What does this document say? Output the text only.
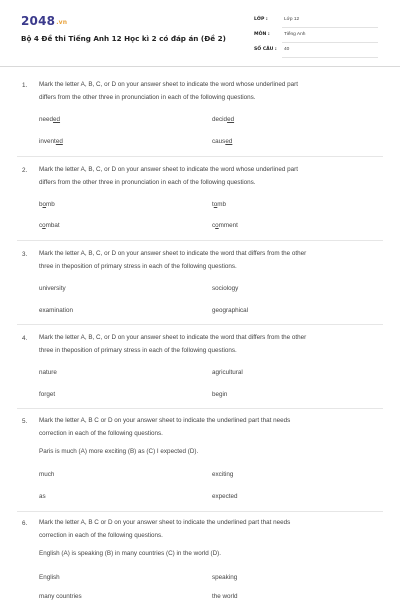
2048.vn
Bộ 4 Đề thi Tiếng Anh 12 Học kì 2 có đáp án (Đề 2)
LỚP :	Lớp 12
MÔN :	Tiếng Anh
SỐ CÂU : 40
1. Mark the letter A, B, C, or D on your answer sheet to indicate the word whose underlined part
differs from the other three in pronunciation in each of the following questions.
needed	decided
invented	caused
2. Mark the letter A, B, C, or D on your answer sheet to indicate the word whose underlined part
differs from the other three in pronunciation in each of the following questions.
bomb	tomb
combat	comment
3. Mark the letter A, B, C, or D on your answer sheet to indicate the word that differs from the other
three in theposition of primary stress in each of the following questions.
university	sociology
examination	geographical
4. Mark the letter A, B, C, or D on your answer sheet to indicate the word that differs from the other
three in theposition of primary stress in each of the following questions.
nature	agricultural
forget	begin
5. Mark the letter A, B C or D on your answer sheet to indicate the underlined part that needs
correction in each of the following questions.
Paris is much (A) more exciting (B) as (C) I expected (D).
much	exciting
as	expected
6. Mark the letter A, B C or D on your answer sheet to indicate the underlined part that needs
correction in each of the following questions.
English (A) is speaking (B) in many countries (C) in the world (D).
English	speaking
many countries	the world
